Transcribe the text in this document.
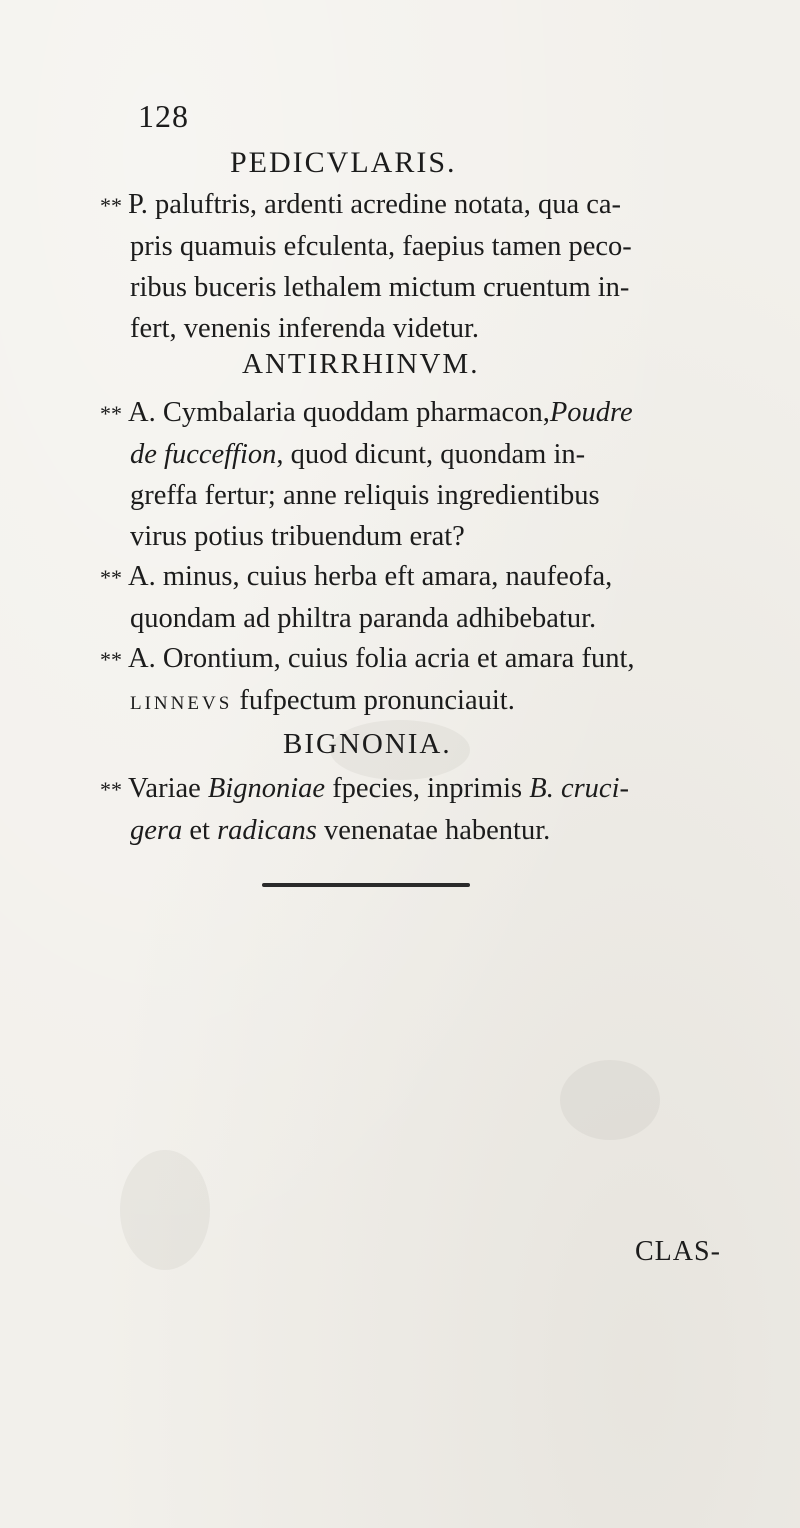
128
PEDICVLARIS.
** P. paluftris, ardenti acredine notata, qua ca-
pris quamuis efculenta, faepius tamen peco-
ribus buceris lethalem mictum cruentum in-
fert, venenis inferenda videtur.
ANTIRRHINVM.
** A. Cymbalaria quoddam pharmacon,Poudre
de fucceffion, quod dicunt, quondam in-
greffa fertur; anne reliquis ingredientibus
virus potius tribuendum erat?
** A. minus, cuius herba eft amara, naufeofa,
quondam ad philtra paranda adhibebatur.
** A. Orontium, cuius folia acria et amara funt,
LINNEVS fufpectum pronunciauit.
BIGNONIA.
** Variae Bignoniae fpecies, inprimis B. cruci-
gera et radicans venenatae habentur.
CLAS-
